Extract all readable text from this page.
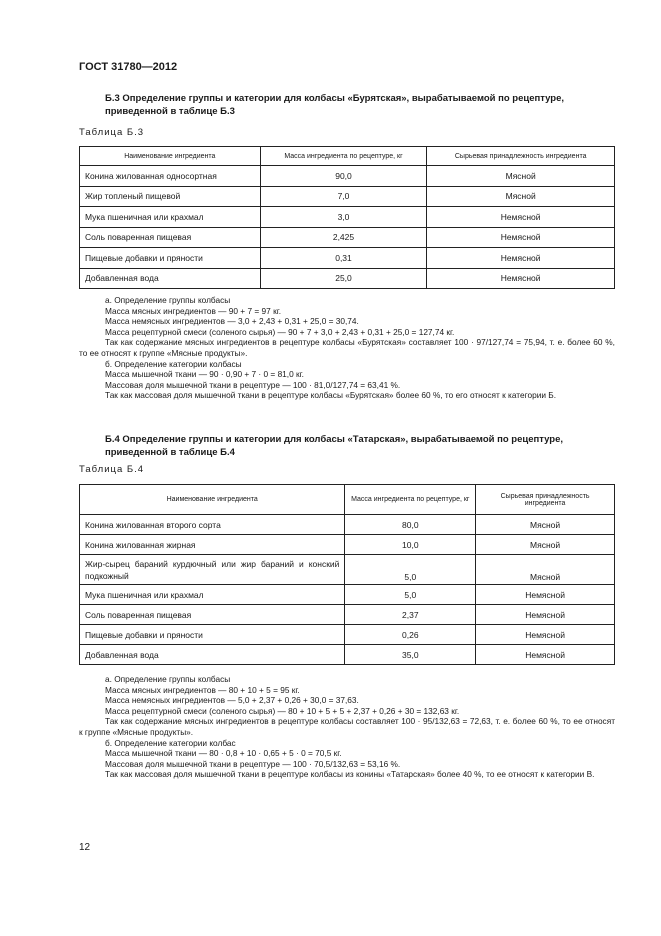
ГОСТ 31780—2012
Б.3 Определение группы и категории для колбасы «Бурятская», вырабатываемой по рецептуре, приведенной в таблице Б.3
Таблица Б.3
Наименование ингредиента	Масса ингредиента по рецептуре, кг	Сырьевая принадлежность ингредиента
Конина жилованная односортная	90,0	Мясной
Жир топленый пищевой	7,0	Мясной
Мука пшеничная или крахмал	3,0	Немясной
Соль поваренная пищевая	2,425	Немясной
Пищевые добавки и пряности	0,31	Немясной
Добавленная вода	25,0	Немясной

а. Определение группы колбасы

Масса мясных ингредиентов — 90 + 7 = 97 кг.

Масса немясных ингредиентов — 3,0 + 2,43 + 0,31 + 25,0 = 30,74.

Масса рецептурной смеси (соленого сырья) — 90 + 7 + 3,0 + 2,43 + 0,31 + 25,0 = 127,74 кг.

Так как содержание мясных ингредиентов в рецептуре колбасы «Бурятская» составляет 100 · 97/127,74 = 75,94, т. е. более 60 %, то ее относят к группе «Мясные продукты».

б. Определение категории колбасы

Масса мышечной ткани — 90 · 0,90 + 7 · 0 = 81,0 кг.

Массовая доля мышечной ткани в рецептуре — 100 · 81,0/127,74 = 63,41 %.

Так как массовая доля мышечной ткани в рецептуре колбасы «Бурятская» более 60 %, то его относят к категории Б.

Б.4 Определение группы и категории для колбасы «Татарская», вырабатываемой по рецептуре, приведенной в таблице Б.4
Таблица Б.4
Наименование ингредиента	Масса ингредиента по рецептуре, кг	Сырьевая принадлежность ингредиента
Конина жилованная второго сорта	80,0	Мясной
Конина жилованная жирная	10,0	Мясной
Жир-сырец бараний курдючный или жир бараний и конский подкожный	5,0	Мясной
Мука пшеничная или крахмал	5,0	Немясной
Соль поваренная пищевая	2,37	Немясной
Пищевые добавки и пряности	0,26	Немясной
Добавленная вода	35,0	Немясной

а. Определение группы колбасы

Масса мясных ингредиентов — 80 + 10 + 5 = 95 кг.

Масса немясных ингредиентов — 5,0 + 2,37 + 0,26 + 30,0 = 37,63.

Масса рецептурной смеси (соленого сырья) — 80 + 10 + 5 + 5 + 2,37 + 0,26 + 30 = 132,63 кг.

Так как содержание мясных ингредиентов в рецептуре колбасы составляет 100 · 95/132,63 = 72,63, т. е. более 60 %, то ее относят к группе «Мясные продукты».

б. Определение категории колбас

Масса мышечной ткани — 80 · 0,8 + 10 · 0,65 + 5 · 0 = 70,5 кг.

Массовая доля мышечной ткани в рецептуре — 100 · 70,5/132,63 = 53,16 %.

Так как массовая доля мышечной ткани в рецептуре колбасы из конины «Татарская» более 40 %, то ее относят к категории В.

12
